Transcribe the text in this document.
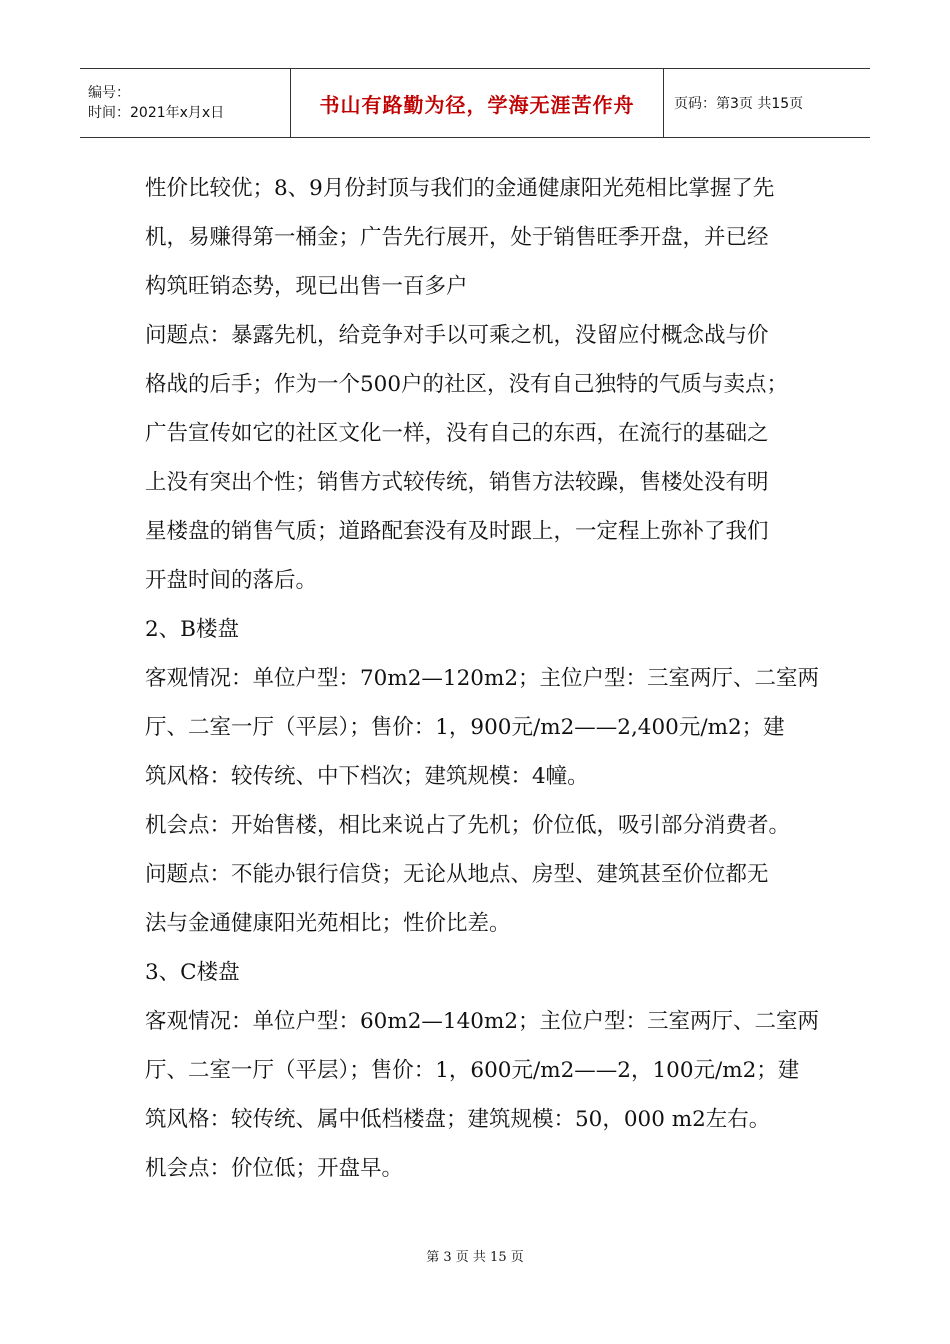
编号：
时间：2021年x月x日	书山有路勤为径，学海无涯苦作舟	页码：第3页 共15页
性价比较优；8、9月份封顶与我们的金通健康阳光苑相比掌握了先
机，易赚得第一桶金；广告先行展开，处于销售旺季开盘，并已经
构筑旺销态势，现已出售一百多户
问题点：暴露先机，给竞争对手以可乘之机，没留应付概念战与价
格战的后手；作为一个500户的社区，没有自己独特的气质与卖点；
广告宣传如它的社区文化一样，没有自己的东西，在流行的基础之
上没有突出个性；销售方式较传统，销售方法较躁，售楼处没有明
星楼盘的销售气质；道路配套没有及时跟上，一定程上弥补了我们
开盘时间的落后。
2、B楼盘
客观情况：单位户型：70m2—120m2；主位户型：三室两厅、二室两
厅、二室一厅（平层）；售价：1，900元/m2——2,400元/m2；建
筑风格：较传统、中下档次；建筑规模：4幢。
机会点：开始售楼，相比来说占了先机；价位低，吸引部分消费者。
问题点：不能办银行信贷；无论从地点、房型、建筑甚至价位都无
法与金通健康阳光苑相比；性价比差。
3、C楼盘
客观情况：单位户型：60m2—140m2；主位户型：三室两厅、二室两
厅、二室一厅（平层）；售价：1，600元/m2——2，100元/m2；建
筑风格：较传统、属中低档楼盘；建筑规模：50，000 m2左右。
机会点：价位低；开盘早。
第 3 页 共 15 页
